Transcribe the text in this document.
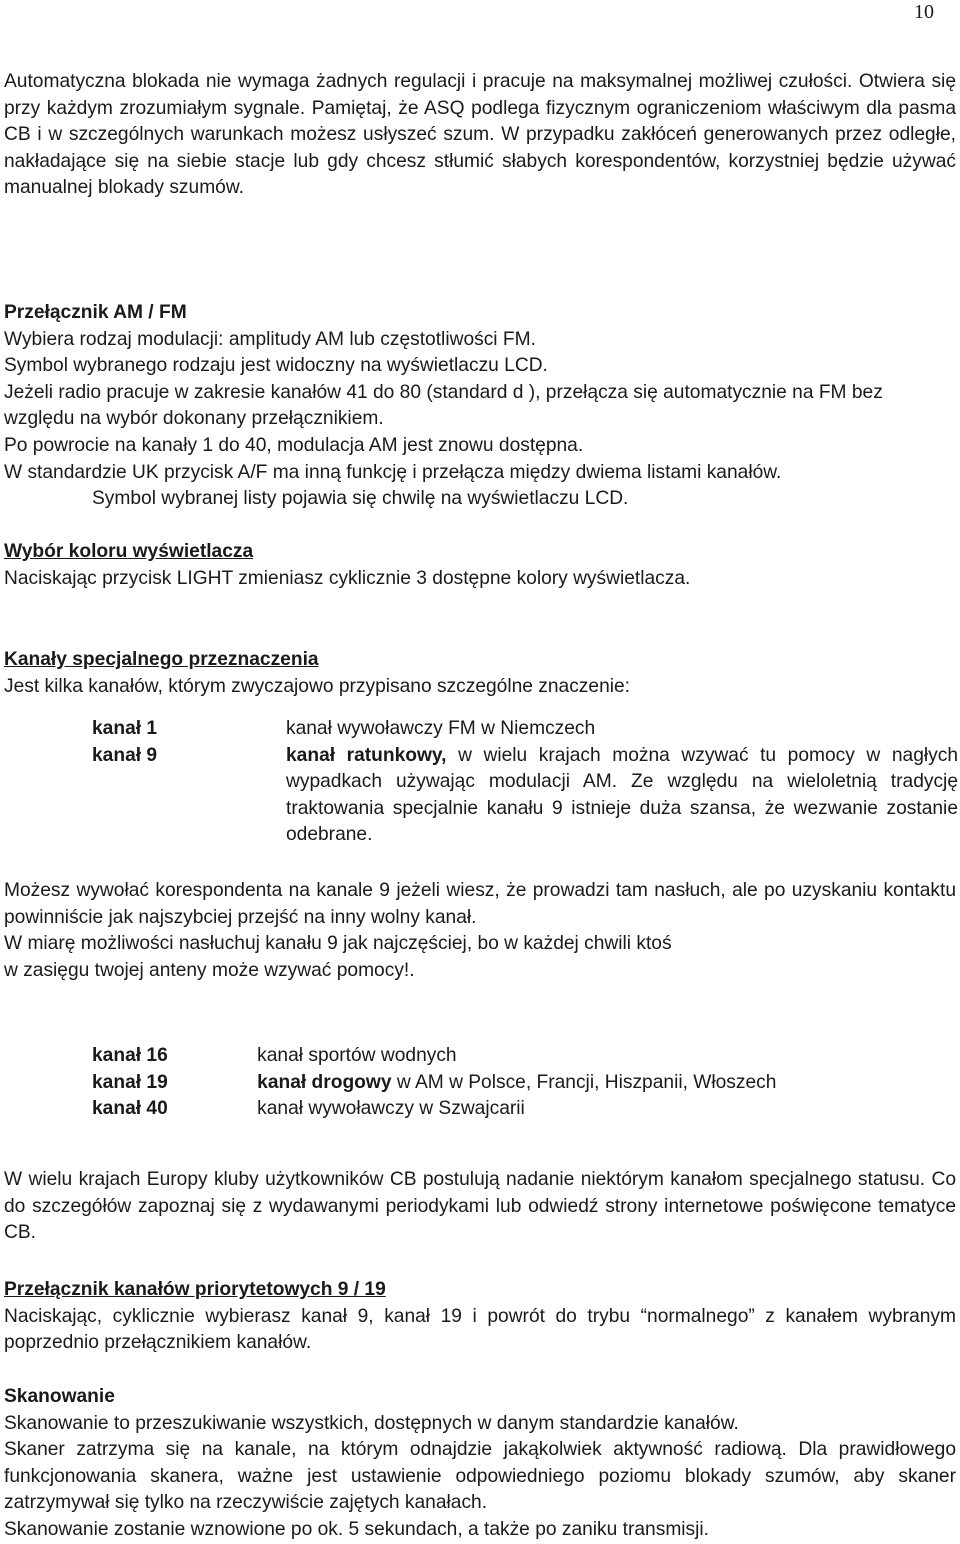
10
Automatyczna blokada nie wymaga żadnych regulacji i pracuje na maksymalnej możliwej czułości. Otwiera się przy każdym zrozumiałym sygnale. Pamiętaj, że ASQ podlega fizycznym ograniczeniom właściwym dla pasma CB i w szczególnych warunkach możesz usłyszeć szum. W przypadku zakłóceń generowanych przez odległe, nakładające się na siebie stacje lub gdy chcesz stłumić słabych korespondentów, korzystniej będzie używać manualnej blokady szumów.
Przełącznik AM / FM
Wybiera rodzaj modulacji: amplitudy AM lub częstotliwości FM.
Symbol wybranego rodzaju jest widoczny na wyświetlaczu LCD.
Jeżeli radio pracuje w zakresie kanałów 41 do 80 (standard d ), przełącza się automatycznie na FM bez względu na wybór dokonany przełącznikiem.
Po powrocie na kanały 1 do 40, modulacja AM jest znowu dostępna.
W standardzie UK przycisk A/F ma inną funkcję i przełącza między dwiema listami kanałów.
Symbol wybranej listy pojawia się chwilę na wyświetlaczu LCD.
Wybór koloru wyświetlacza
Naciskając przycisk LIGHT zmieniasz cyklicznie 3 dostępne kolory wyświetlacza.
Kanały specjalnego przeznaczenia
Jest kilka kanałów, którym zwyczajowo przypisano szczególne znaczenie:
kanał 1	kanał wywoławczy FM w Niemczech
kanał 9	kanał ratunkowy, w wielu krajach można wzywać tu pomocy w nagłych wypadkach używając modulacji AM. Ze względu na wieloletnią tradycję traktowania specjalnie kanału 9 istnieje duża szansa, że wezwanie zostanie odebrane.
Możesz wywołać korespondenta na kanale 9 jeżeli wiesz, że prowadzi tam nasłuch, ale po uzyskaniu kontaktu powinniście jak najszybciej przejść na inny wolny kanał.
W miarę możliwości nasłuchuj kanału 9 jak najczęściej, bo w każdej chwili ktoś
w zasięgu twojej anteny może wzywać pomocy!.
kanał 16	kanał sportów wodnych
kanał 19	kanał drogowy w AM w Polsce, Francji, Hiszpanii, Włoszech
kanał 40	kanał wywoławczy w Szwajcarii
W wielu krajach Europy kluby użytkowników CB postulują nadanie niektórym kanałom specjalnego statusu. Co do szczegółów zapoznaj się z wydawanymi periodykami lub odwiedź strony internetowe poświęcone tematyce CB.
Przełącznik kanałów priorytetowych 9 / 19
Naciskając, cyklicznie wybierasz kanał 9, kanał 19 i powrót do trybu “normalnego” z kanałem wybranym poprzednio przełącznikiem kanałów.
Skanowanie
Skanowanie to przeszukiwanie wszystkich, dostępnych w danym standardzie kanałów.
Skaner zatrzyma się na kanale, na którym odnajdzie jakąkolwiek aktywność radiową. Dla prawidłowego funkcjonowania skanera, ważne jest ustawienie odpowiedniego poziomu blokady szumów, aby skaner zatrzymywał się tylko na rzeczywiście zajętych kanałach.
Skanowanie zostanie wznowione po ok. 5 sekundach, a także po zaniku transmisji.
